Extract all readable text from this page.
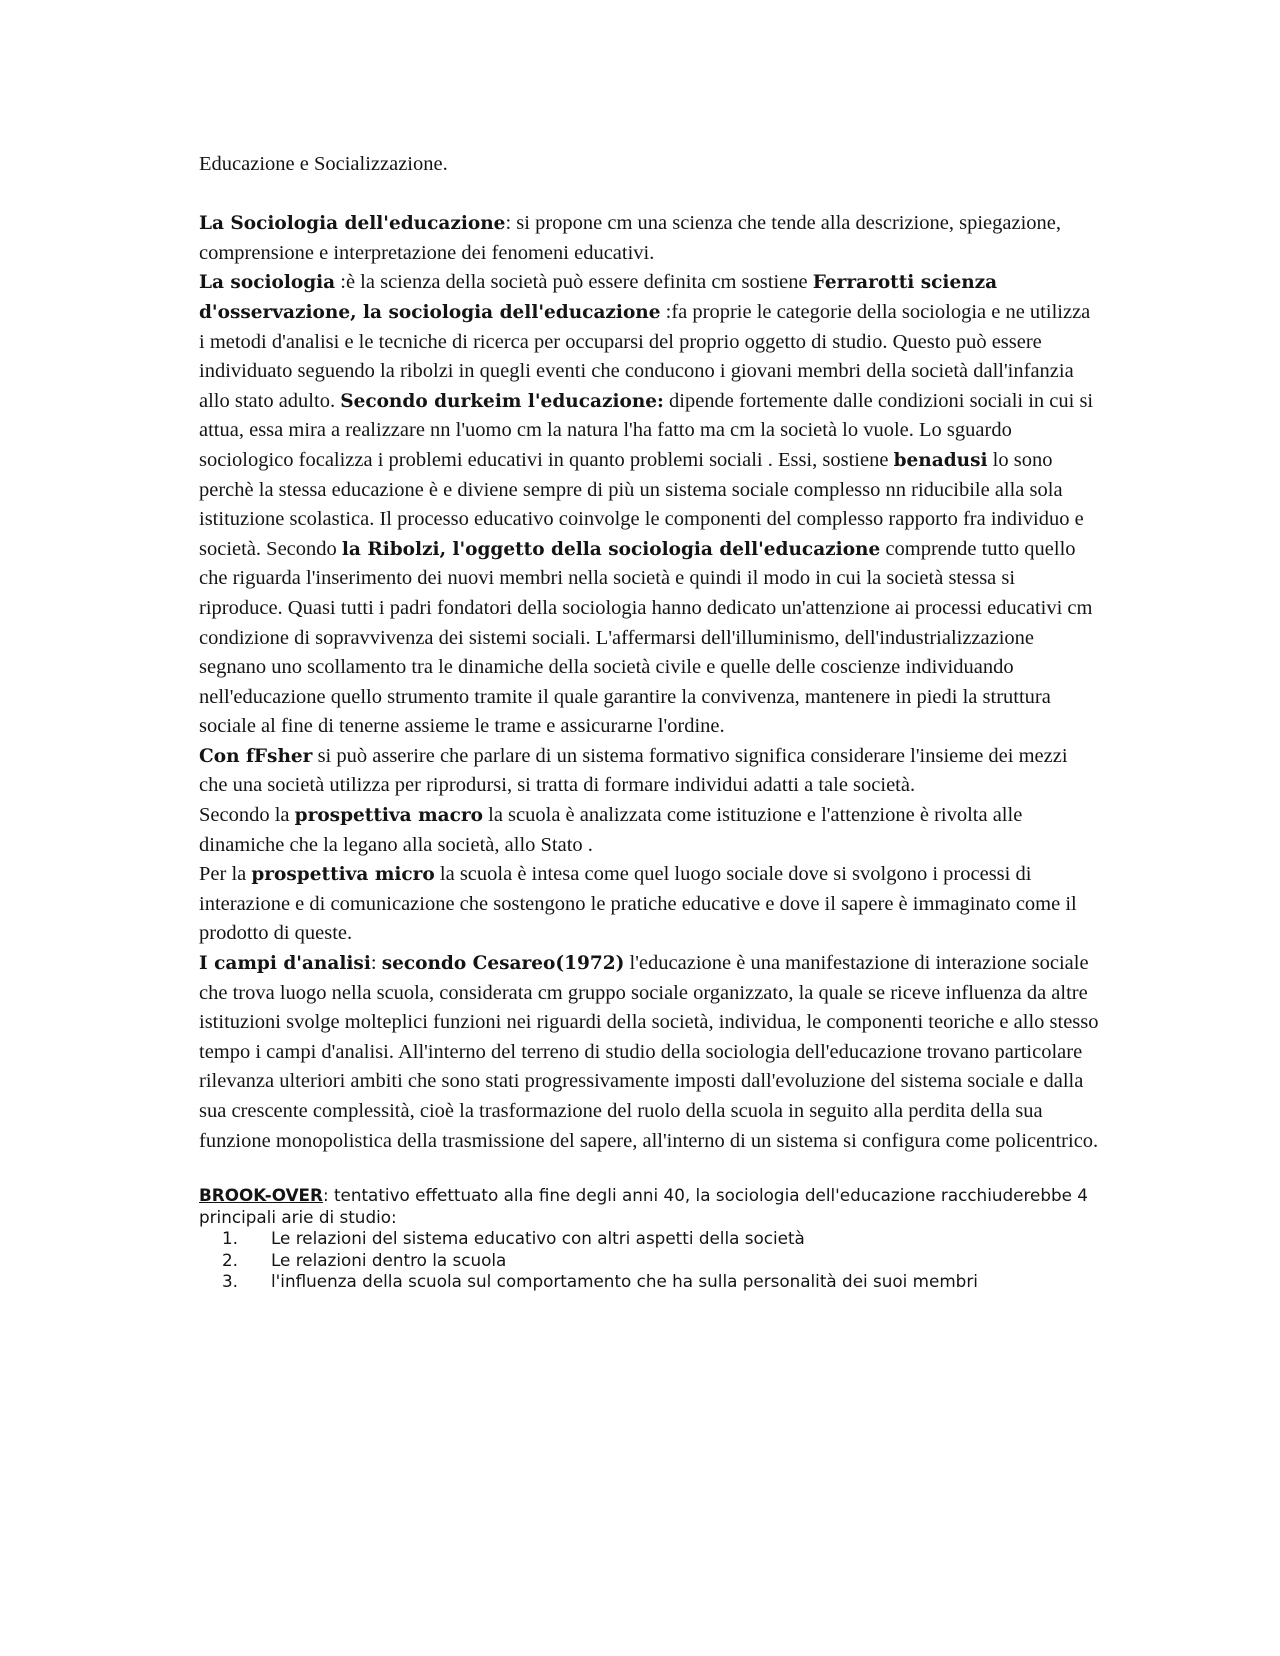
Educazione e Socializzazione.

La Sociologia dell'educazione: si propone cm una scienza che tende alla descrizione, spiegazione, comprensione e interpretazione dei fenomeni educativi.

La sociologia :è la scienza della società può essere definita cm sostiene Ferrarotti scienza d'osservazione, la sociologia dell'educazione :fa proprie le categorie della sociologia e ne utilizza i metodi d'analisi e le tecniche di ricerca per occuparsi del proprio oggetto di studio. Questo può essere individuato seguendo la ribolzi in quegli eventi che conducono i giovani membri della società dall'infanzia allo stato adulto. Secondo durkeim l'educazione: dipende fortemente dalle condizioni sociali in cui si attua, essa mira a realizzare nn l'uomo cm la natura l'ha fatto ma cm la società lo vuole. Lo sguardo sociologico focalizza i problemi educativi in quanto problemi sociali . Essi, sostiene benadusi lo sono perchè la stessa educazione è e diviene sempre di più un sistema sociale complesso nn riducibile alla sola istituzione scolastica. Il processo educativo coinvolge le componenti del complesso rapporto fra individuo e società. Secondo la Ribolzi, l'oggetto della sociologia dell'educazione comprende tutto quello che riguarda l'inserimento dei nuovi membri nella società e quindi il modo in cui la società stessa si riproduce. Quasi tutti i padri fondatori della sociologia hanno dedicato un'attenzione ai processi educativi cm condizione di sopravvivenza dei sistemi sociali. L'affermarsi dell'illuminismo, dell'industrializzazione segnano uno scollamento tra le dinamiche della società civile e quelle delle coscienze individuando nell'educazione quello strumento tramite il quale garantire la convivenza, mantenere in piedi la struttura sociale al fine di tenerne assieme le trame e assicurarne l'ordine.

Con fFsher si può asserire che parlare di un sistema formativo significa considerare l'insieme dei mezzi che una società utilizza per riprodursi, si tratta di formare individui adatti a tale società.

Secondo la prospettiva macro la scuola è analizzata come istituzione e l'attenzione è rivolta alle dinamiche che la legano alla società, allo Stato .

Per la prospettiva micro la scuola è intesa come quel luogo sociale dove si svolgono i processi di interazione e di comunicazione che sostengono le pratiche educative e dove il sapere è immaginato come il prodotto di queste.

I campi d'analisi: secondo Cesareo(1972) l'educazione è una manifestazione di interazione sociale che trova luogo nella scuola, considerata cm gruppo sociale organizzato, la quale se riceve influenza da altre istituzioni svolge molteplici funzioni nei riguardi della società, individua, le componenti teoriche e allo stesso tempo i campi d'analisi. All'interno del terreno di studio della sociologia dell'educazione trovano particolare rilevanza ulteriori ambiti che sono stati progressivamente imposti dall'evoluzione del sistema sociale e dalla sua crescente complessità, cioè la trasformazione del ruolo della scuola in seguito alla perdita della sua funzione monopolistica della trasmissione del sapere, all'interno di un sistema si configura come policentrico.

BROOK-OVER: tentativo effettuato alla fine degli anni 40, la sociologia dell'educazione racchiuderebbe 4 principali arie di studio:

1.	Le relazioni del sistema educativo con altri aspetti della società
2.	Le relazioni dentro la scuola
3.	l'influenza della scuola sul comportamento che ha sulla personalità dei suoi membri
